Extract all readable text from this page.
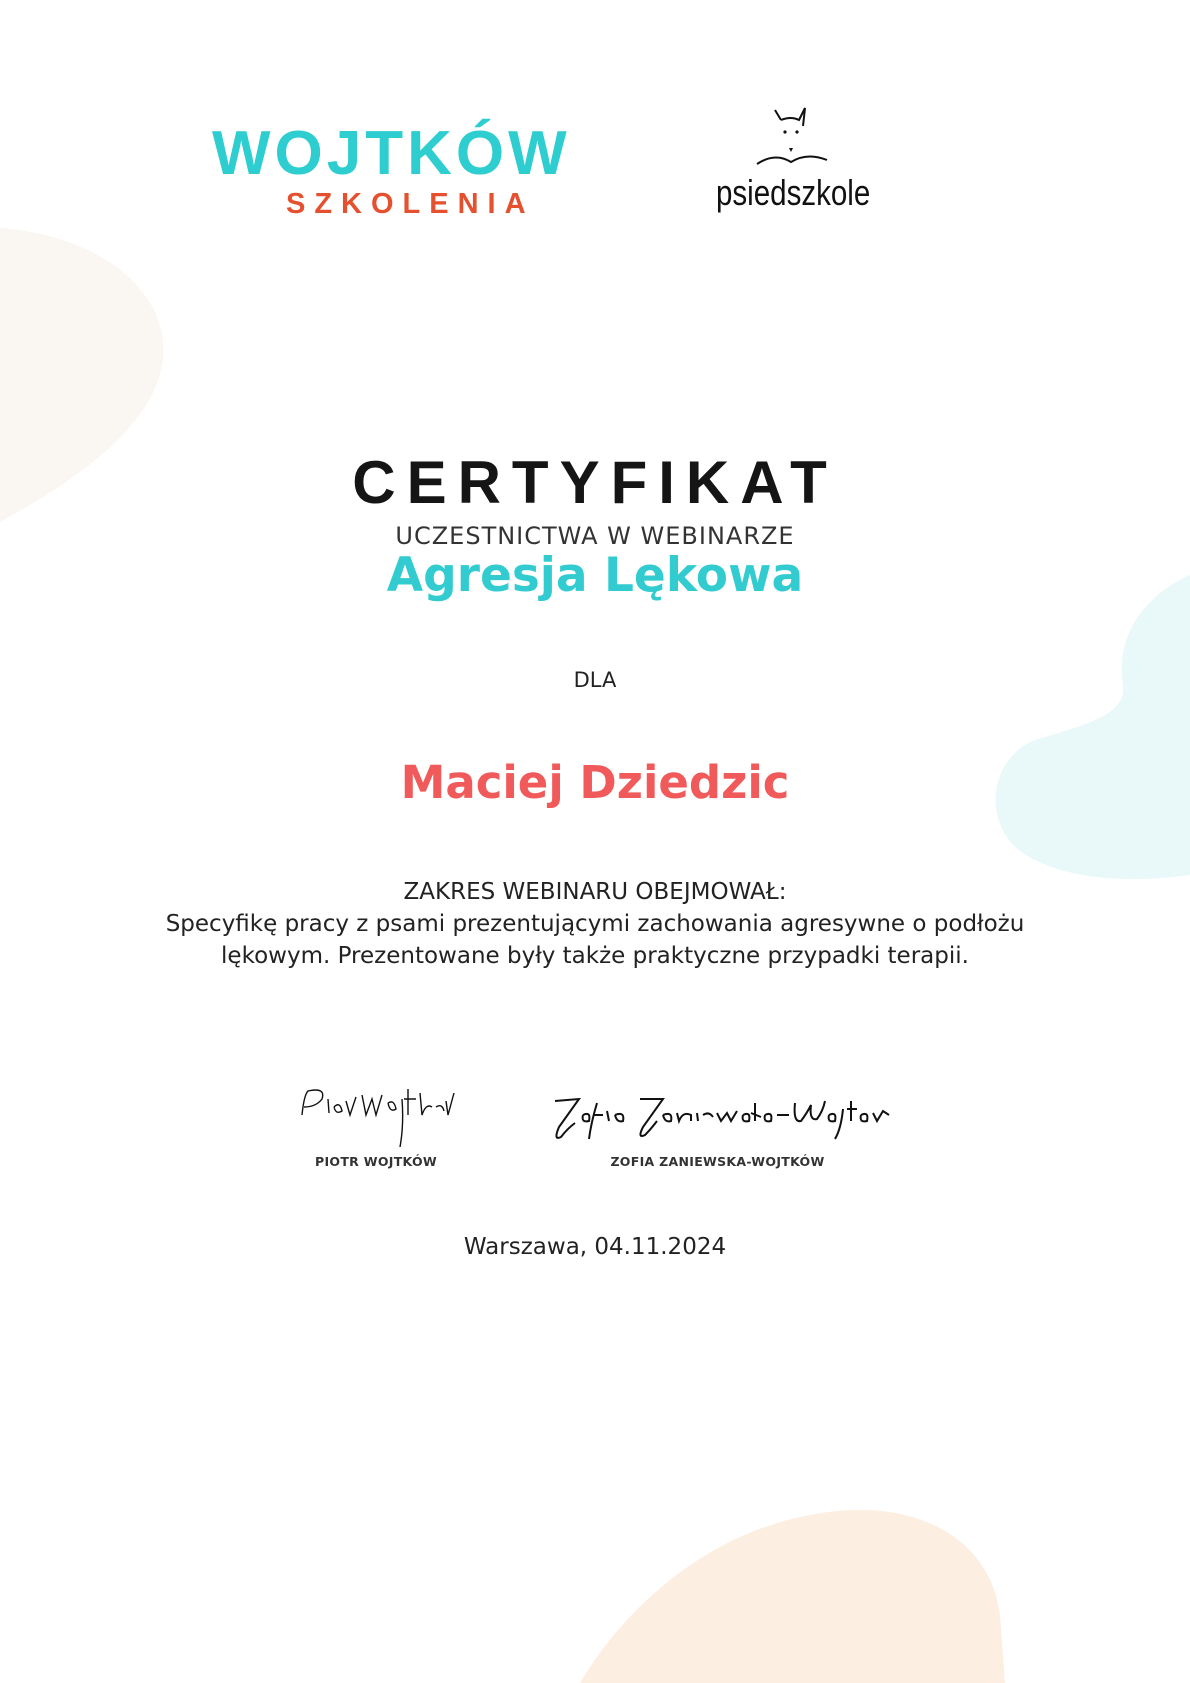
WOJTKÓW
SZKOLENIA	psiedszkole
CERTYFIKAT
UCZESTNICTWA W WEBINARZE
Agresja Lękowa
DLA
Maciej Dziedzic
ZAKRES WEBINARU OBEJMOWAŁ:
Specyfikę pracy z psami prezentującymi zachowania agresywne o podłożu
lękowym. Prezentowane były także praktyczne przypadki terapii.
PIOTR WOJTKÓW	ZOFIA ZANIEWSKA-WOJTKÓW
Warszawa, 04.11.2024
